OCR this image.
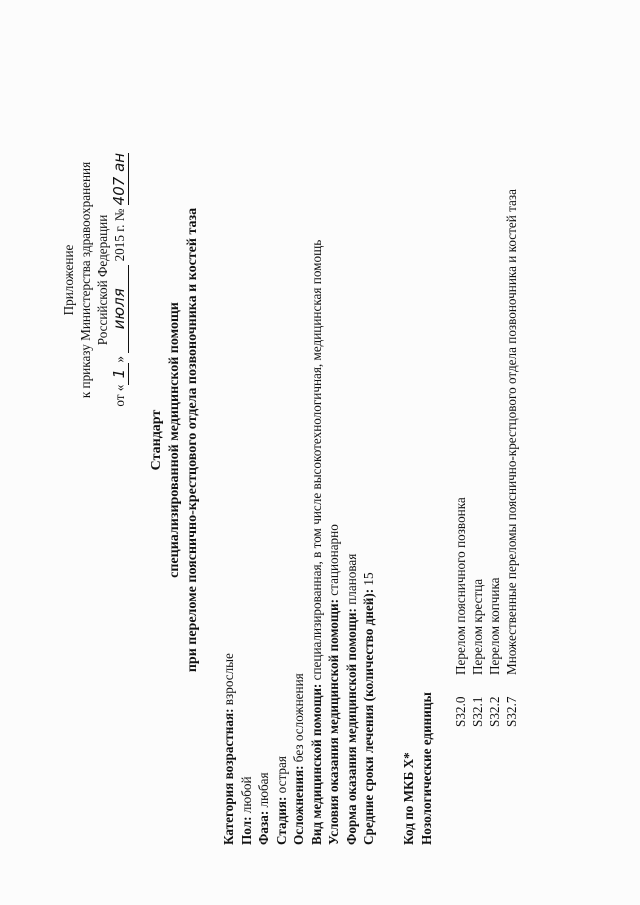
Приложение к приказу Министерства здравоохранения Российской Федерации
от «1» июля 2015 г. № 407 ан
Стандарт специализированной медицинской помощи при переломе пояснично-крестцового отдела позвоночника и костей таза
Категория возрастная: взрослые
Пол: любой
Фаза: любая
Стадия: острая Осложнения: без осложнения Вид медицинской помощи: специализированная, в том числе высокотехнологичная, медицинская помощь
Условия оказания медицинской помощи: стационарно
Форма оказания медицинской помощи: плановая
Средние сроки лечения (количество дней): 15
Код по МКБ X* Нозологические единицы S32.0
Перелом поясничного позвонка
S32.1
Перелом крестца
S32.2
Перелом копчика
S32.7
Множественные переломы пояснично-крестцового отдела позвоночника и костей таза
